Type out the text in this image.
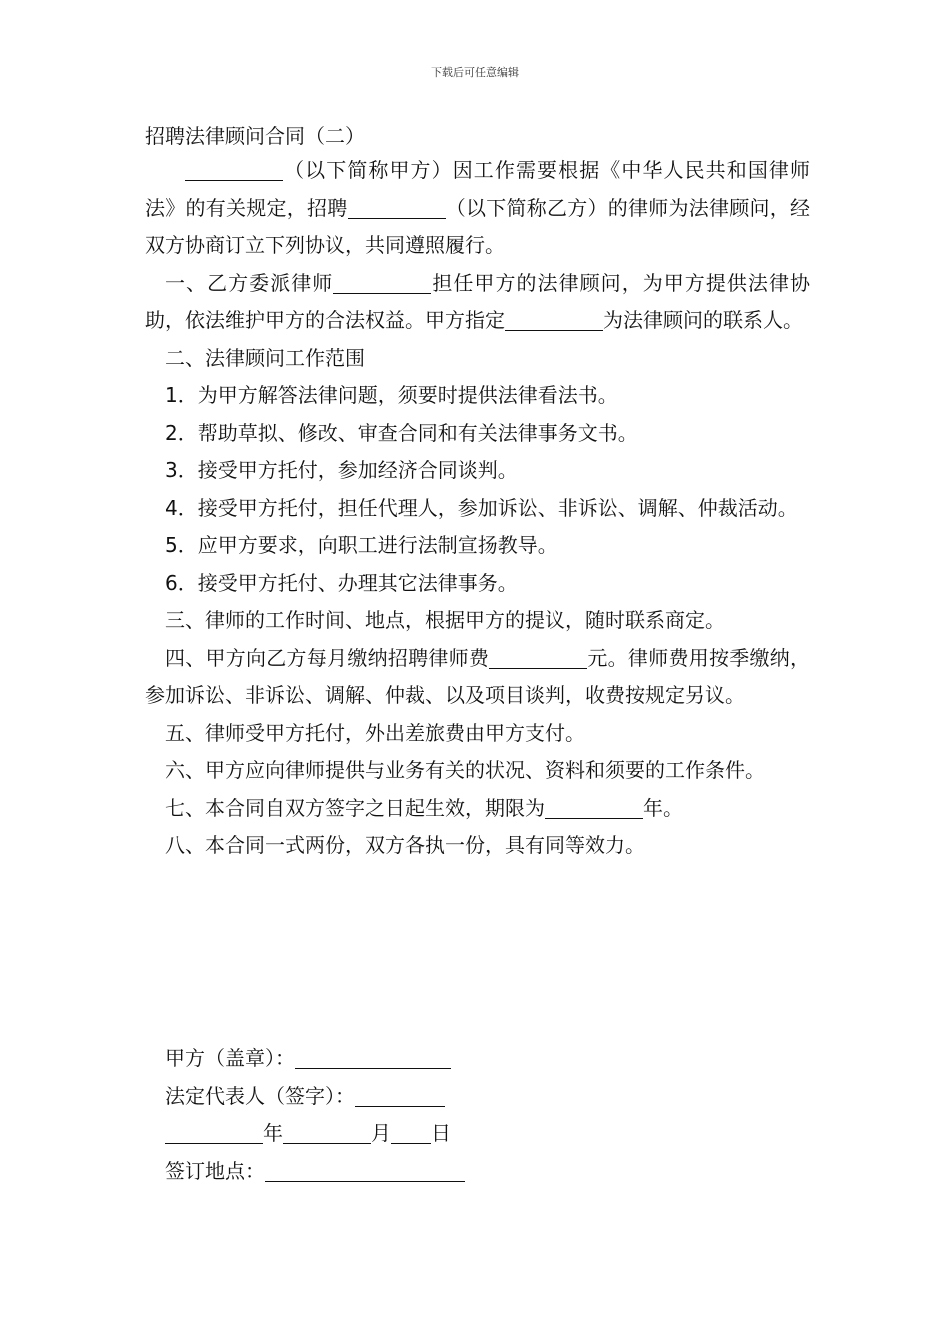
下载后可任意编辑
招聘法律顾问合同（二）

（以下简称甲方）因工作需要根据《中华人民共和国律师法》的有关规定，招聘	（以下简称乙方）的律师为法律顾问，经双方协商订立下列协议，共同遵照履行。

一、乙方委派律师	担任甲方的法律顾问，为甲方提供法律协助，依法维护甲方的合法权益。甲方指定	为法律顾问的联系人。

二、法律顾问工作范围

1．为甲方解答法律问题，须要时提供法律看法书。

2．帮助草拟、修改、审查合同和有关法律事务文书。

3．接受甲方托付，参加经济合同谈判。

4．接受甲方托付，担任代理人，参加诉讼、非诉讼、调解、仲裁活动。

5．应甲方要求，向职工进行法制宣扬教导。

6．接受甲方托付、办理其它法律事务。

三、律师的工作时间、地点，根据甲方的提议，随时联系商定。

四、甲方向乙方每月缴纳招聘律师费	元。律师费用按季缴纳，参加诉讼、非诉讼、调解、仲裁、以及项目谈判，收费按规定另议。

五、律师受甲方托付，外出差旅费由甲方支付。

六、甲方应向律师提供与业务有关的状况、资料和须要的工作条件。

七、本合同自双方签字之日起生效，期限为	年。

八、本合同一式两份，双方各执一份，具有同等效力。

甲方（盖章）：
法定代表人（签字）：
年	月 日
签订地点：
